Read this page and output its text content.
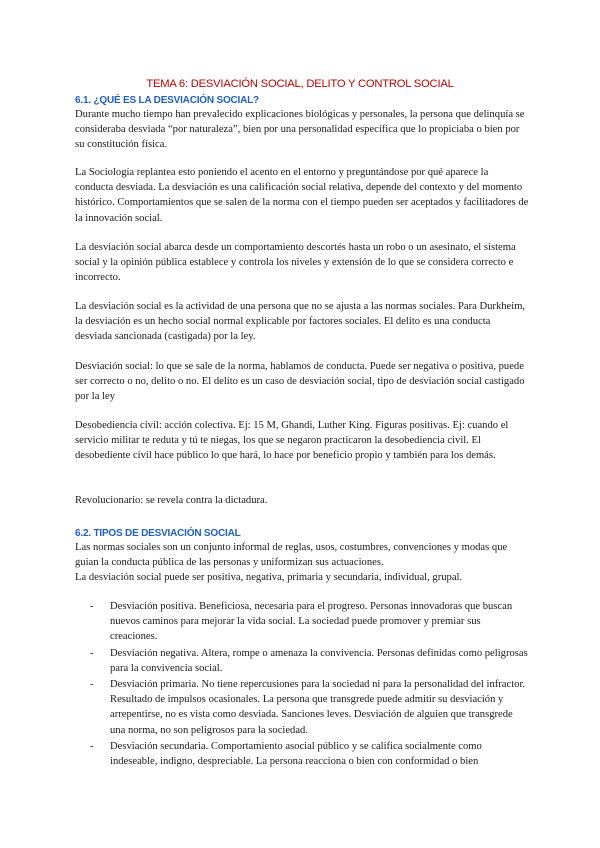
TEMA 6: DESVIACIÓN SOCIAL, DELITO Y CONTROL SOCIAL
6.1. ¿QUÉ ES LA DESVIACIÓN SOCIAL?

Durante mucho tiempo han prevalecido explicaciones biológicas y personales, la persona que delinquía se consideraba desviada “por naturaleza”, bien por una personalidad específica que lo propiciaba o bien por su constitución física.

La Sociología replantea esto poniendo el acento en el entorno y preguntándose por qué aparece la conducta desviada. La desviación es una calificación social relativa, depende del contexto y del momento histórico. Comportamientos que se salen de la norma con el tiempo pueden ser aceptados y facilitadores de la innovación social.

La desviación social abarca desde un comportamiento descortés hasta un robo o un asesinato, el sistema social y la opinión pública establece y controla los niveles y extensión de lo que se considera correcto e incorrecto.

La desviación social es la actividad de una persona que no se ajusta a las normas sociales. Para Durkheim, la desviación es un hecho social normal explicable por factores sociales. El delito es una conducta desviada sancionada (castigada) por la ley.

Desviación social: lo que se sale de la norma, hablamos de conducta. Puede ser negativa o positiva, puede ser correcto o no, delito o no. El delito es un caso de desviación social, tipo de desviación social castigado por la ley

Desobediencia civil: acción colectiva. Ej: 15 M, Ghandi, Luther King. Figuras positivas. Ej: cuando el servicio militar te reduta y tú te niegas, los que se negaron practicaron la desobediencia civil. El desobediente civil hace público lo que hará, lo hace por beneficio propio y también para los demás.

Revolucionario: se revela contra la dictadura.

6.2. TIPOS DE DESVIACIÓN SOCIAL

Las normas sociales son un conjunto informal de reglas, usos, costumbres, convenciones y modas que guían la conducta pública de las personas y uniformizan sus actuaciones.

La desviación social puede ser positiva, negativa, primaria y secundaria, individual, grupal.

- Desviación positiva. Beneficiosa, necesaria para el progreso. Personas innovadoras que buscan nuevos caminos para mejorar la vida social. La sociedad puede promover y premiar sus creaciones.
- Desviación negativa. Altera, rompe o amenaza la convivencia. Personas definidas como peligrosas para la convivencia social.
- Desviación primaria. No tiene repercusiones para la sociedad ni para la personalidad del infractor. Resultado de impulsos ocasionales. La persona que transgrede puede admitir su desviación y arrepentirse, no es vista como desviada. Sanciones leves. Desviación de alguien que transgrede una norma, no son peligrosos para la sociedad.
- Desviación secundaria. Comportamiento asocial público y se califica socialmente como indeseable, indigno, despreciable. La persona reacciona o bien con conformidad o bien
